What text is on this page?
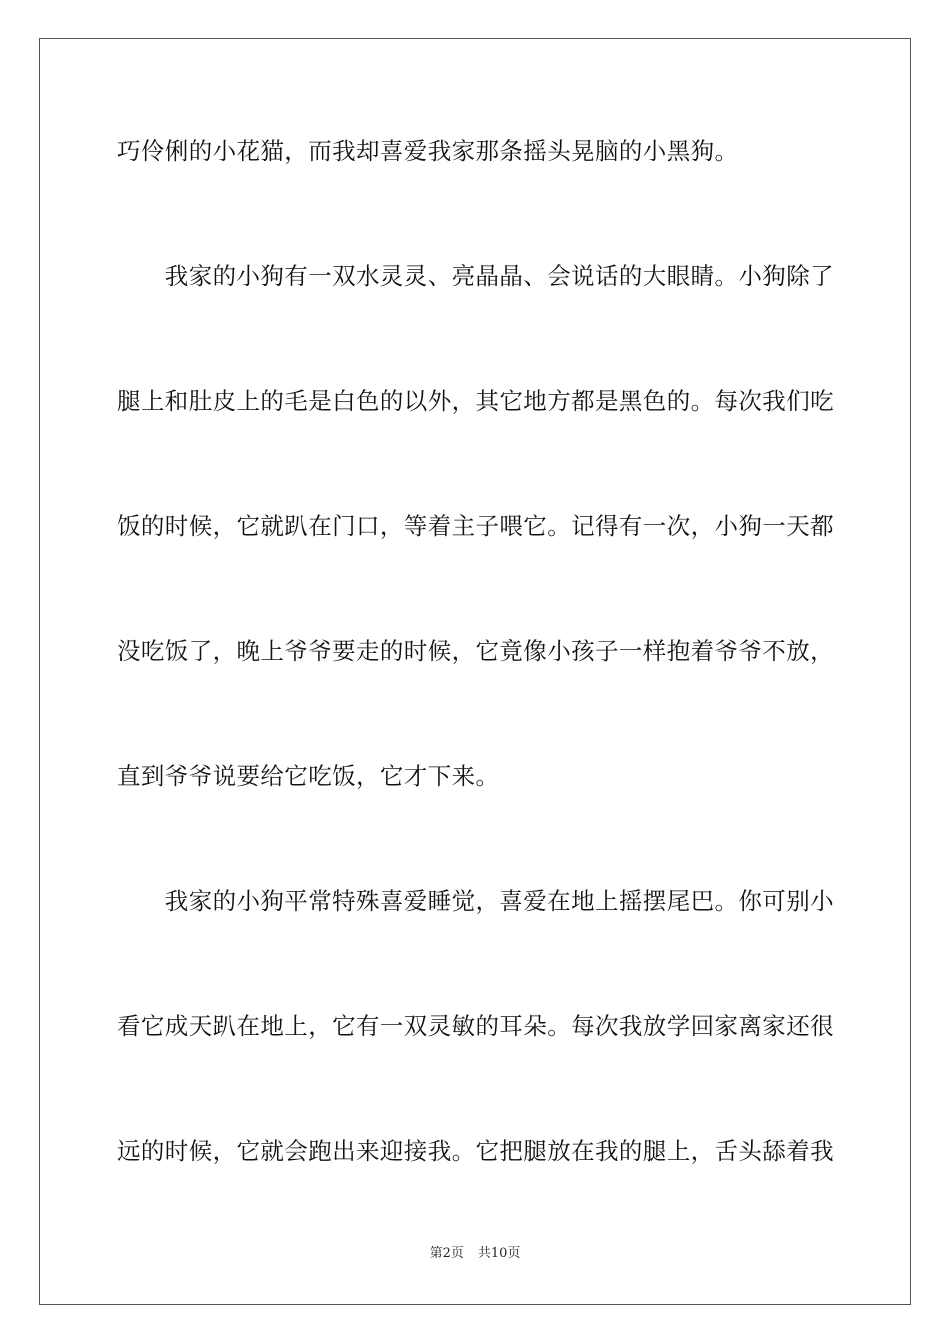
巧伶俐的小花猫，而我却喜爱我家那条摇头晃脑的小黑狗。
　　我家的小狗有一双水灵灵、亮晶晶、会说话的大眼睛。小狗除了
腿上和肚皮上的毛是白色的以外，其它地方都是黑色的。每次我们吃
饭的时候，它就趴在门口，等着主子喂它。记得有一次，小狗一天都
没吃饭了，晚上爷爷要走的时候，它竟像小孩子一样抱着爷爷不放，
直到爷爷说要给它吃饭，它才下来。
　　我家的小狗平常特殊喜爱睡觉，喜爱在地上摇摆尾巴。你可别小
看它成天趴在地上，它有一双灵敏的耳朵。每次我放学回家离家还很
远的时候，它就会跑出来迎接我。它把腿放在我的腿上，舌头舔着我
第2页 共10页
